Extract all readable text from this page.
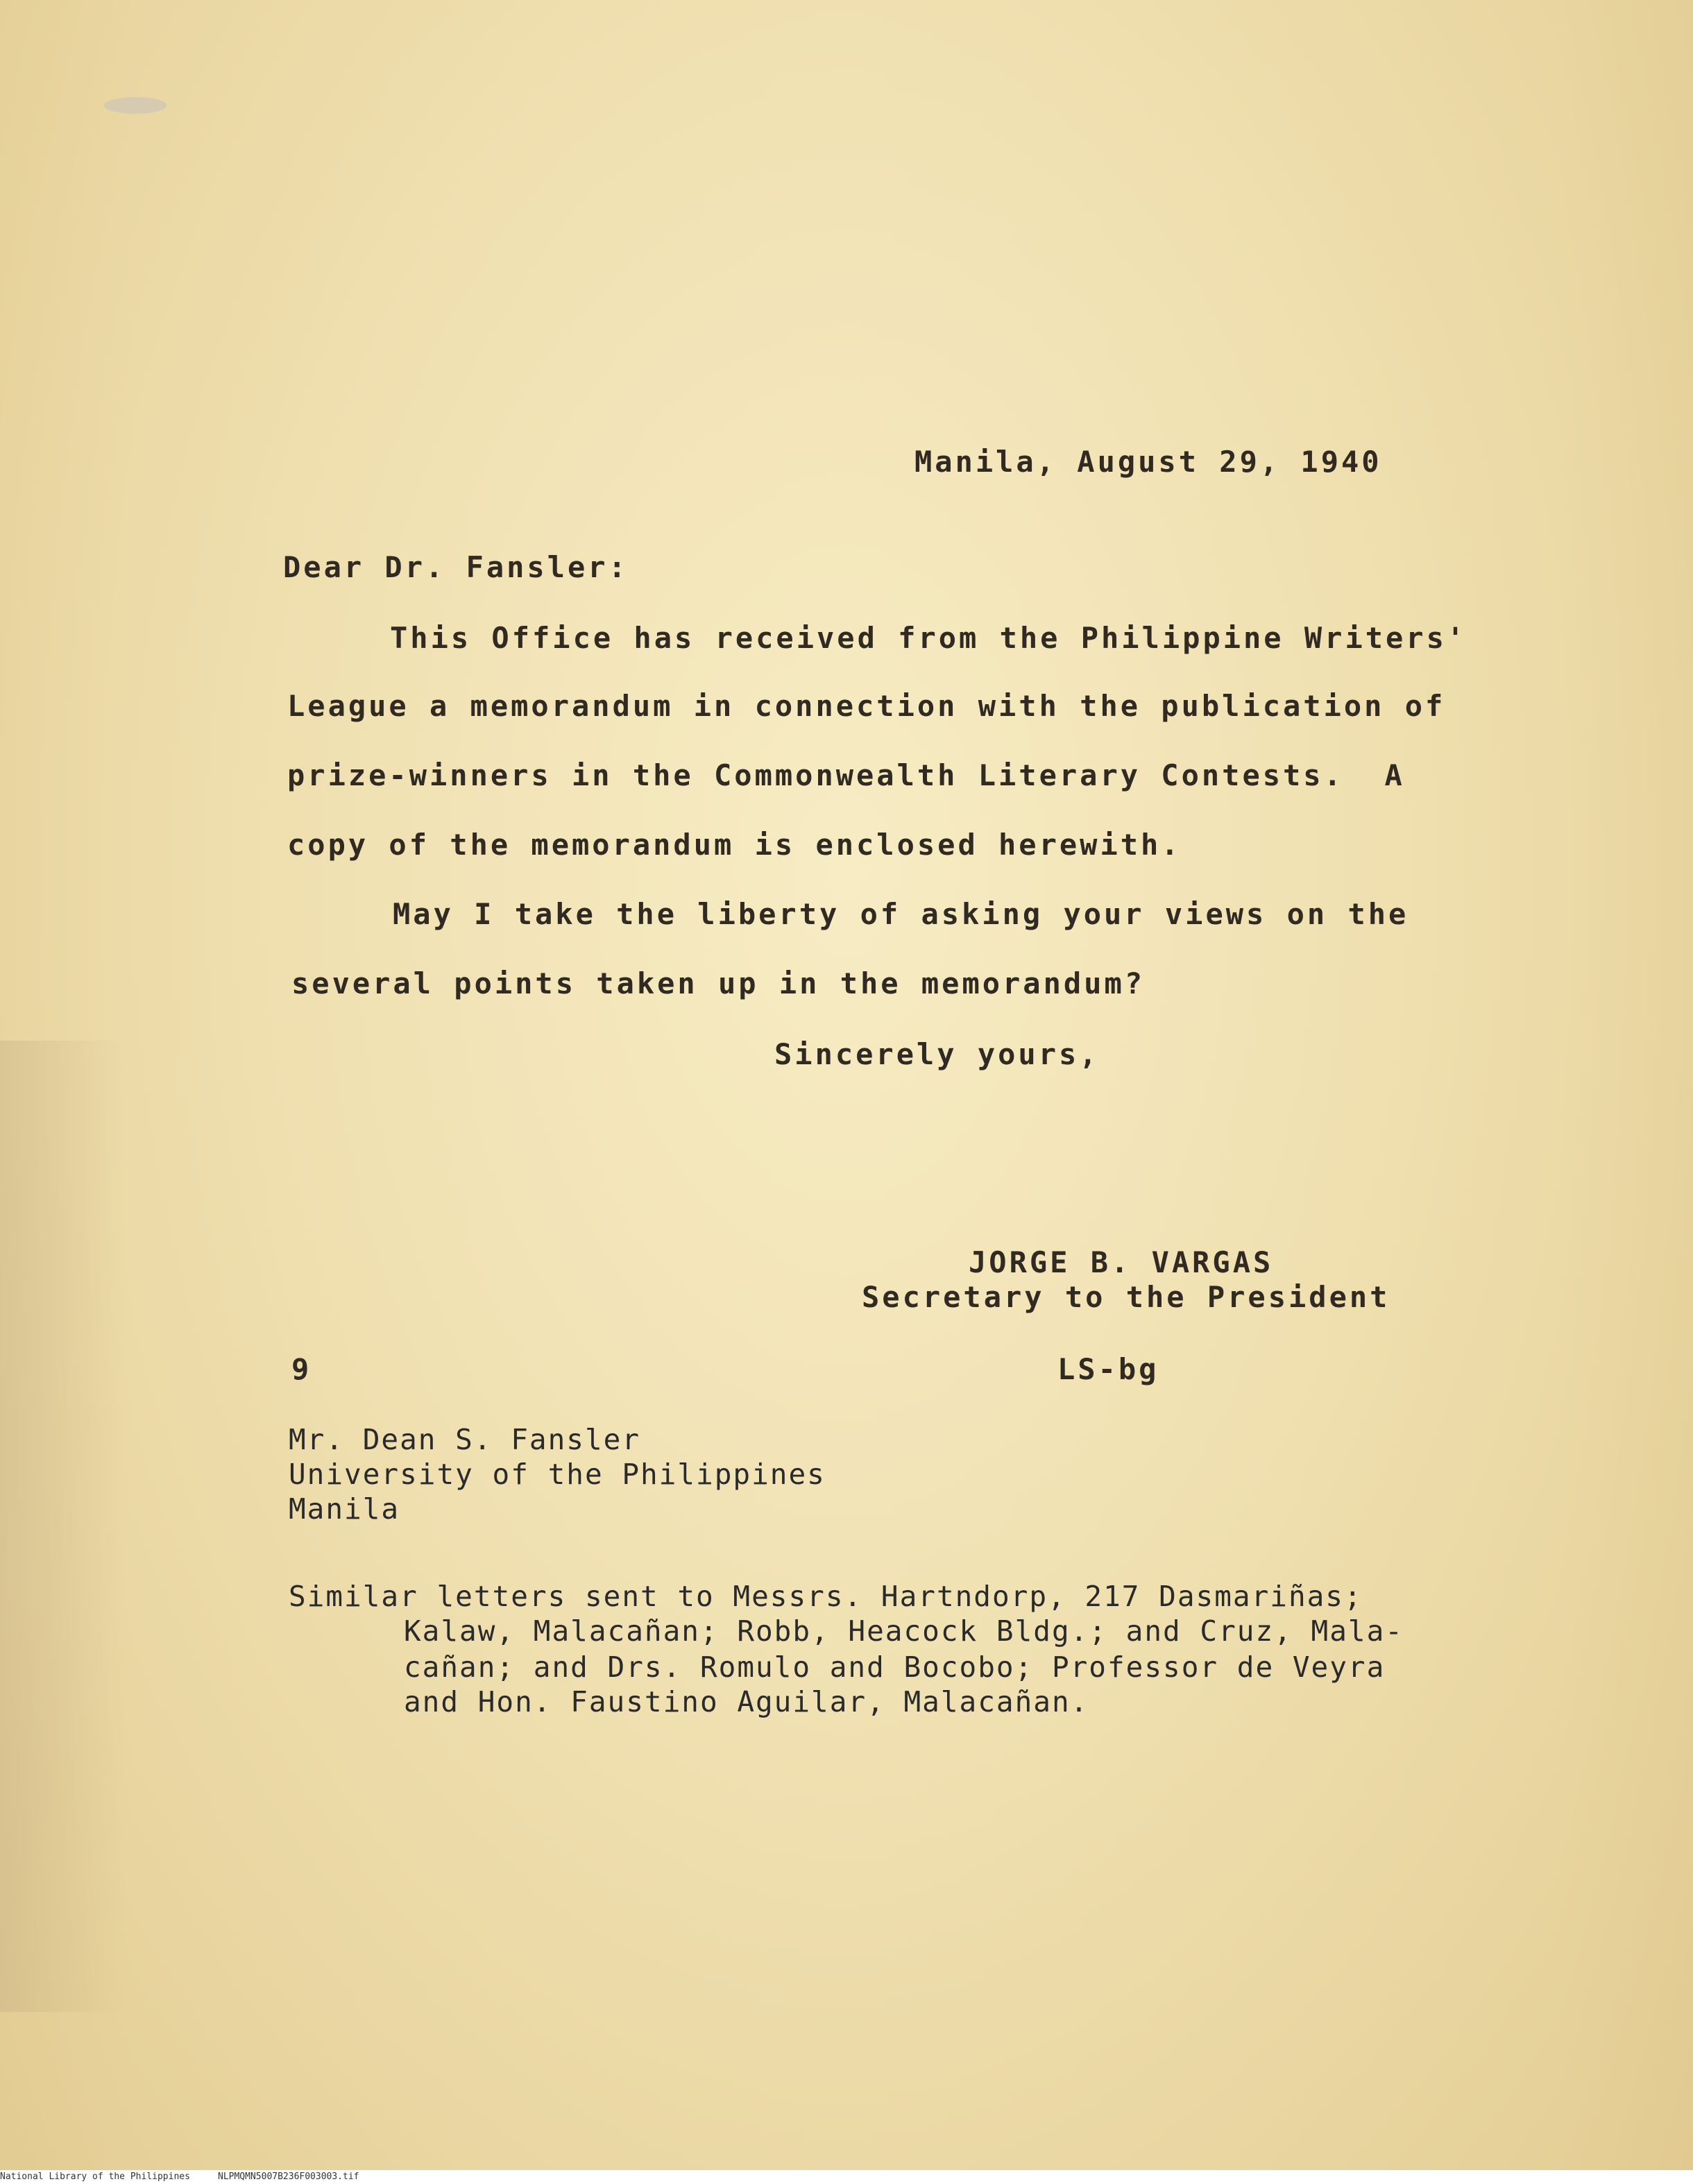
Manila, August 29, 1940
Dear Dr. Fansler:
This Office has received from the Philippine Writers'
League a memorandum in connection with the publication of
prize-winners in the Commonwealth Literary Contests.  A
copy of the memorandum is enclosed herewith.
May I take the liberty of asking your views on the
several points taken up in the memorandum?
Sincerely yours,
JORGE B. VARGAS
Secretary to the President
9	LS-bg
Mr. Dean S. Fansler
University of the Philippines
Manila
Similar letters sent to Messrs. Hartndorp, 217 Dasmariñas;
Kalaw, Malacañan; Robb, Heacock Bldg.; and Cruz, Mala-
cañan; and Drs. Romulo and Bocobo; Professor de Veyra
and Hon. Faustino Aguilar, Malacañan.
National Library of the Philippines	NLPMQMN5007B236F003003.tif
